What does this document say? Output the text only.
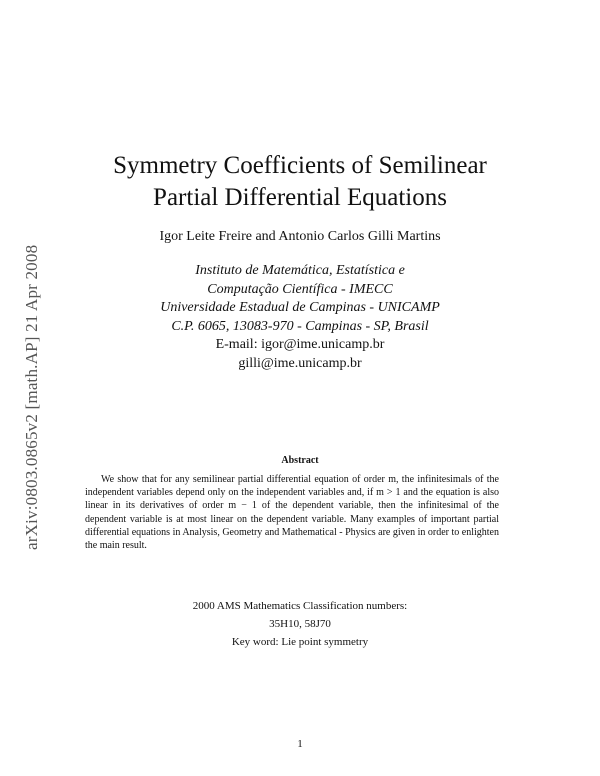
arXiv:0803.0865v2 [math.AP] 21 Apr 2008
Symmetry Coefficients of Semilinear
Partial Differential Equations
Igor Leite Freire and Antonio Carlos Gilli Martins
Instituto de Matemática, Estatística e
Computação Científica - IMECC
Universidade Estadual de Campinas - UNICAMP
C.P. 6065, 13083-970 - Campinas - SP, Brasil
E-mail: igor@ime.unicamp.br
gilli@ime.unicamp.br
Abstract
We show that for any semilinear partial differential equation of order m, the infinitesimals of the independent variables depend only on the independent variables and, if m > 1 and the equation is also linear in its derivatives of order m − 1 of the dependent variable, then the infinitesimal of the dependent variable is at most linear on the dependent variable. Many examples of important partial differential equations in Analysis, Geometry and Mathematical - Physics are given in order to enlighten the main result.
2000 AMS Mathematics Classification numbers:
35H10, 58J70
Key word: Lie point symmetry
1
